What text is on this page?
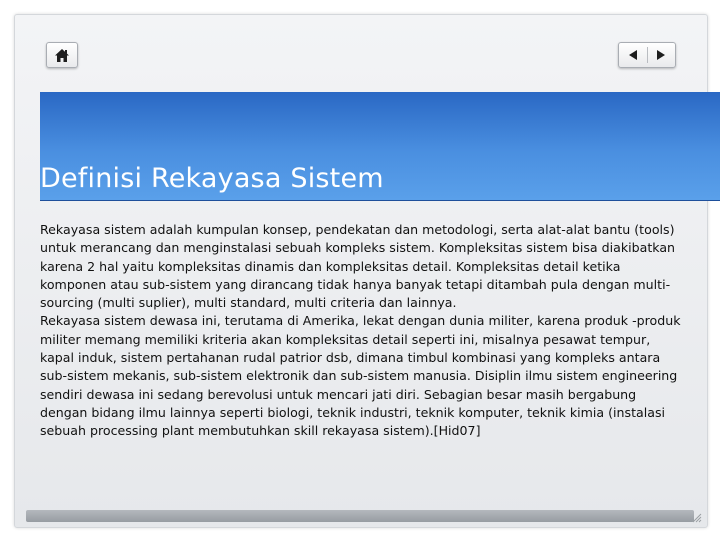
Definisi Rekayasa Sistem

Rekayasa sistem adalah kumpulan konsep, pendekatan dan metodologi, serta alat-alat bantu (tools) untuk merancang dan menginstalasi sebuah kompleks sistem. Kompleksitas sistem bisa diakibatkan karena 2 hal yaitu kompleksitas dinamis dan kompleksitas detail. Kompleksitas detail ketika komponen atau sub-sistem yang dirancang tidak hanya banyak tetapi ditambah pula dengan multi-sourcing (multi suplier), multi standard, multi criteria dan lainnya.

Rekayasa sistem dewasa ini, terutama di Amerika, lekat dengan dunia militer, karena produk -produk militer memang memiliki kriteria akan kompleksitas detail seperti ini, misalnya pesawat tempur, kapal induk, sistem pertahanan rudal patrior dsb, dimana timbul kombinasi yang kompleks antara sub-sistem mekanis, sub-sistem elektronik dan sub-sistem manusia. Disiplin ilmu sistem engineering sendiri dewasa ini sedang berevolusi untuk mencari jati diri. Sebagian besar masih bergabung dengan bidang ilmu lainnya seperti biologi, teknik industri, teknik komputer, teknik kimia (instalasi sebuah processing plant membutuhkan skill rekayasa sistem).[Hid07]
